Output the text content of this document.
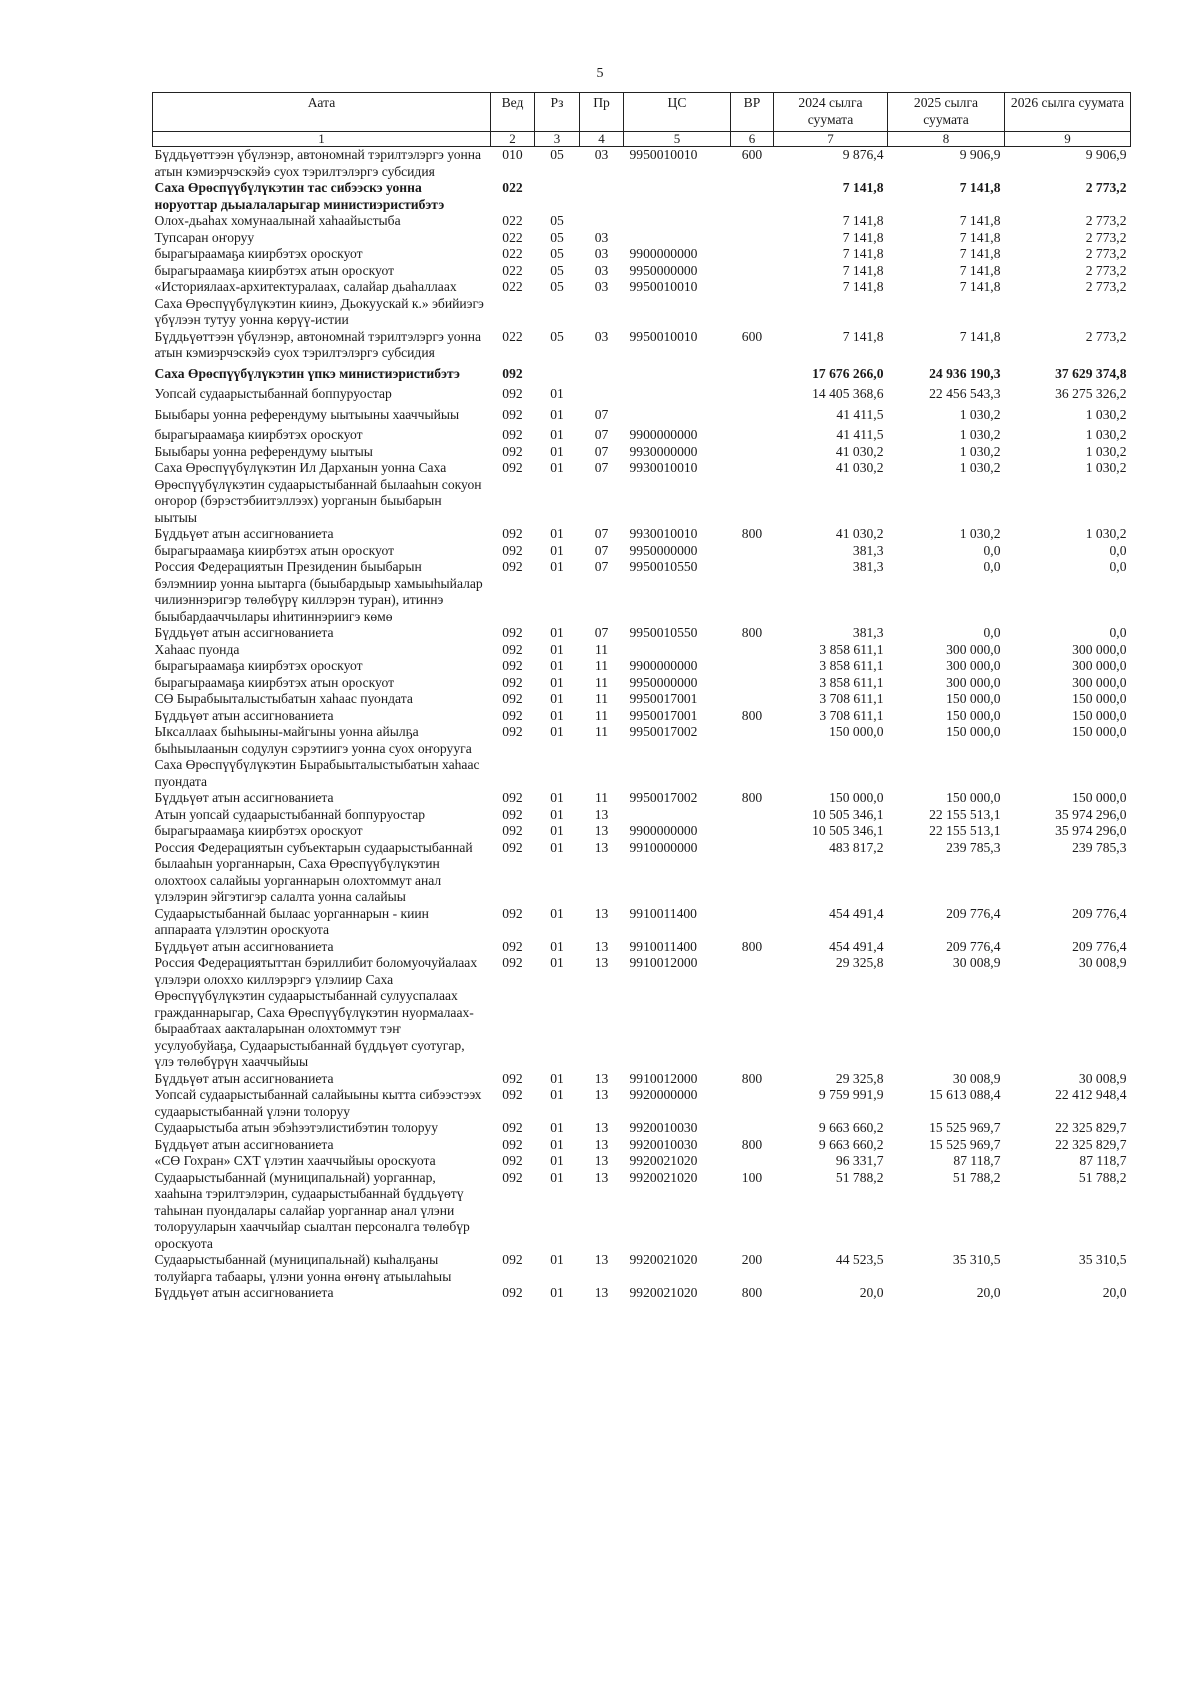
5
Аата	Вед	Рз	Пр	ЦС	ВР	2024 сылга суумата	2025 сылга суумата	2026 сылга суумата
1	2	3	4	5	6	7	8	9
Бүддьүөттээн үбүлэнэр, автономнай тэрилтэлэргэ уонна атын кэмиэрчэскэйэ суох тэрилтэлэргэ субсидия	010	05	03	9950010010	600	9 876,4	9 906,9	9 906,9
Саха Өрөспүүбүлүкэтин тас сибээскэ уонна норуоттар дьыалаларыгар министиэристибэтэ	022					7 141,8	7 141,8	2 773,2
Олох-дьаһах хомунаалынай хаһаайыстыба	022	05				7 141,8	7 141,8	2 773,2
Тупсаран оҥоруу	022	05	03			7 141,8	7 141,8	2 773,2
бырагыраамаҕа киирбэтэх ороскуот	022	05	03	9900000000		7 141,8	7 141,8	2 773,2
бырагыраамаҕа киирбэтэх атын ороскуот	022	05	03	9950000000		7 141,8	7 141,8	2 773,2
«Историялаах-архитектуралаах, салайар дьаһаллаах Саха Өрөспүүбүлүкэтин киинэ, Дьокуускай к.» эбийиэгэ үбүлээн тутуу уонна көрүү-истии	022	05	03	9950010010		7 141,8	7 141,8	2 773,2
Бүддьүөттээн үбүлэнэр, автономнай тэрилтэлэргэ уонна атын кэмиэрчэскэйэ суох тэрилтэлэргэ субсидия	022	05	03	9950010010	600	7 141,8	7 141,8	2 773,2
Саха Өрөспүүбүлүкэтин үпкэ министиэристибэтэ	092					17 676 266,0	24 936 190,3	37 629 374,8
Уопсай судаарыстыбаннай боппуруостар	092	01				14 405 368,6	22 456 543,3	36 275 326,2
Быыбары уонна референдуму ыытыыны хааччыйыы	092	01	07			41 411,5	1 030,2	1 030,2
бырагыраамаҕа киирбэтэх ороскуот	092	01	07	9900000000		41 411,5	1 030,2	1 030,2
Быыбары уонна референдуму ыытыы	092	01	07	9930000000		41 030,2	1 030,2	1 030,2
Саха Өрөспүүбүлүкэтин Ил Дарханын уонна Саха Өрөспүүбүлүкэтин судаарыстыбаннай былааһын сокуон оҥорор (бэрэстэбиитэллээх) уорганын быыбарын ыытыы	092	01	07	9930010010		41 030,2	1 030,2	1 030,2
Бүддьүөт атын ассигнованиета	092	01	07	9930010010	800	41 030,2	1 030,2	1 030,2
бырагыраамаҕа киирбэтэх атын ороскуот	092	01	07	9950000000		381,3	0,0	0,0
Россия Федерациятын Президенин быыбарын бэлэмниир уонна ыытарга (быыбардыыр хамыыһыйалар чилиэннэригэр төлөбүрү киллэрэн туран), итиннэ быыбардааччылары иһитиннэриигэ көмө	092	01	07	9950010550		381,3	0,0	0,0
Бүддьүөт атын ассигнованиета	092	01	07	9950010550	800	381,3	0,0	0,0
Хаһаас пуонда	092	01	11			3 858 611,1	300 000,0	300 000,0
бырагыраамаҕа киирбэтэх ороскуот	092	01	11	9900000000		3 858 611,1	300 000,0	300 000,0
бырагыраамаҕа киирбэтэх атын ороскуот	092	01	11	9950000000		3 858 611,1	300 000,0	300 000,0
СӨ Бырабыыталыстыбатын хаһаас пуондата	092	01	11	9950017001		3 708 611,1	150 000,0	150 000,0
Бүддьүөт атын ассигнованиета	092	01	11	9950017001	800	3 708 611,1	150 000,0	150 000,0
Ыксаллаах быһыыны-майгыны уонна айылҕа быһыылаанын содулун сэрэтиигэ уонна суох оҥорууга Саха Өрөспүүбүлүкэтин Бырабыыталыстыбатын хаһаас пуондата	092	01	11	9950017002		150 000,0	150 000,0	150 000,0
Бүддьүөт атын ассигнованиета	092	01	11	9950017002	800	150 000,0	150 000,0	150 000,0
Атын уопсай судаарыстыбаннай боппуруостар	092	01	13			10 505 346,1	22 155 513,1	35 974 296,0
бырагыраамаҕа киирбэтэх ороскуот	092	01	13	9900000000		10 505 346,1	22 155 513,1	35 974 296,0
Россия Федерациятын субъектарын судаарыстыбаннай былааһын уорганнарын, Саха Өрөспүүбүлүкэтин олохтоох салайыы уорганнарын олохтоммут анал үлэлэрин эйгэтигэр салалта уонна салайыы	092	01	13	9910000000		483 817,2	239 785,3	239 785,3
Судаарыстыбаннай былаас уорганнарын - киин аппараата үлэлэтин ороскуота	092	01	13	9910011400		454 491,4	209 776,4	209 776,4
Бүддьүөт атын ассигнованиета	092	01	13	9910011400	800	454 491,4	209 776,4	209 776,4
Россия Федерациятыттан бэриллибит боломуочуйалаах үлэлэри олоххо киллэрэргэ үлэлиир Саха Өрөспүүбүлүкэтин судаарыстыбаннай сулууспалаах гражданнарыгар, Саха Өрөспүүбүлүкэтин нуормалаах-быраабтаах аакталарынан олохтоммут тэҥ усулуобуйаҕа, Судаарыстыбаннай бүддьүөт суотугар, үлэ төлөбүрүн хааччыйыы	092	01	13	9910012000		29 325,8	30 008,9	30 008,9
Бүддьүөт атын ассигнованиета	092	01	13	9910012000	800	29 325,8	30 008,9	30 008,9
Уопсай судаарыстыбаннай салайыыны кытта сибээстээх судаарыстыбаннай үлэни толоруу	092	01	13	9920000000		9 759 991,9	15 613 088,4	22 412 948,4
Судаарыстыба атын эбэһээтэлистибэтин толоруу	092	01	13	9920010030		9 663 660,2	15 525 969,7	22 325 829,7
Бүддьүөт атын ассигнованиета	092	01	13	9920010030	800	9 663 660,2	15 525 969,7	22 325 829,7
«СӨ Гохран» СХТ үлэтин хааччыйыы ороскуота	092	01	13	9920021020		96 331,7	87 118,7	87 118,7
Судаарыстыбаннай (муниципальнай) уорганнар, хааһына тэрилтэлэрин, судаарыстыбаннай бүддьүөтү таһынан пуондалары салайар уорганнар анал үлэни толорууларын хааччыйар сыалтан персоналга төлөбүр ороскуота	092	01	13	9920021020	100	51 788,2	51 788,2	51 788,2
Судаарыстыбаннай (муниципальнай) кыһалҕаны толуйарга табаары, үлэни уонна өҥөнү атыылаһыы	092	01	13	9920021020	200	44 523,5	35 310,5	35 310,5
Бүддьүөт атын ассигнованиета	092	01	13	9920021020	800	20,0	20,0	20,0
